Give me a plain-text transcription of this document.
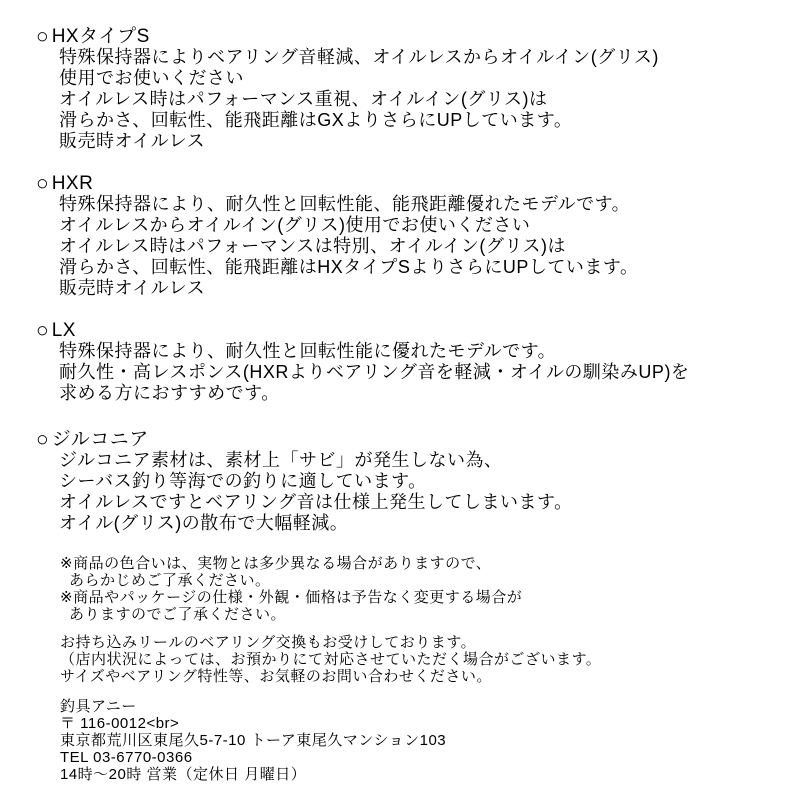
○ HXタイプS
特殊保持器によりベアリング音軽減、オイルレスからオイルイン(グリス)
使用でお使いください
オイルレス時はパフォーマンス重視、オイルイン(グリス)は
滑らかさ、回転性、能飛距離はGXよりさらにUPしています。
販売時オイルレス
○ HXR
特殊保持器により、耐久性と回転性能、能飛距離優れたモデルです。
オイルレスからオイルイン(グリス)使用でお使いください
オイルレス時はパフォーマンスは特別、オイルイン(グリス)は
滑らかさ、回転性、能飛距離はHXタイプSよりさらにUPしています。
販売時オイルレス
○ LX
特殊保持器により、耐久性と回転性能に優れたモデルです。
耐久性・高レスポンス(HXRよりベアリング音を軽減・オイルの馴染みUP)を
求める方におすすめです。
○ ジルコニア
ジルコニア素材は、素材上「サビ」が発生しない為、
シーバス釣り等海での釣りに適しています。
オイルレスですとベアリング音は仕様上発生してしまいます。
オイル(グリス)の散布で大幅軽減。
※商品の色合いは、実物とは多少異なる場合がありますので、
あらかじめご了承ください。
※商品やパッケージの仕様・外観・価格は予告なく変更する場合が
ありますのでご了承ください。
お持ち込みリールのベアリング交換もお受けしております。
（店内状況によっては、お預かりにて対応させていただく場合がございます。
サイズやベアリング特性等、お気軽のお問い合わせください。
釣具アニー
〒 116-0012<br>
東京都荒川区東尾久5-7-10 トーア東尾久マンション103
TEL 03-6770-0366
14時～20時 営業（定休日 月曜日）
